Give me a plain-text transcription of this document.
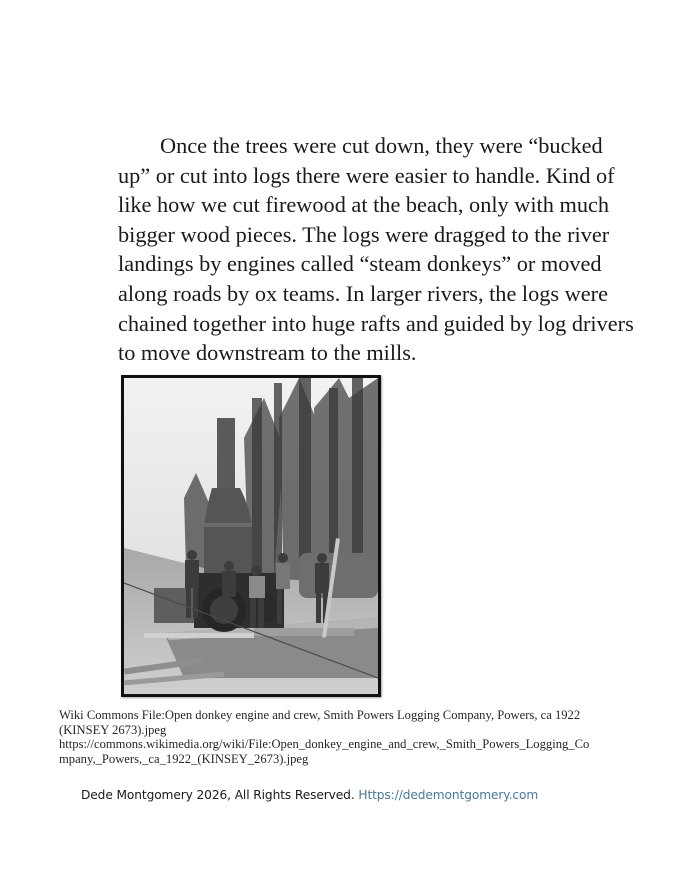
Once the trees were cut down, they were “bucked
up” or cut into logs there were easier to handle. Kind of
like how we cut firewood at the beach, only with much
bigger wood pieces. The logs were dragged to the river
landings by engines called “steam donkeys” or moved
along roads by ox teams. In larger rivers, the logs were
chained together into huge rafts and guided by log drivers
to move downstream to the mills.
Wiki Commons File:Open donkey engine and crew, Smith Powers Logging Company, Powers, ca 1922
(KINSEY 2673).jpeg
https://commons.wikimedia.org/wiki/File:Open_donkey_engine_and_crew,_Smith_Powers_Logging_Co
mpany,_Powers,_ca_1922_(KINSEY_2673).jpeg
Dede Montgomery 2026, All Rights Reserved. Https://dedemontgomery.com
